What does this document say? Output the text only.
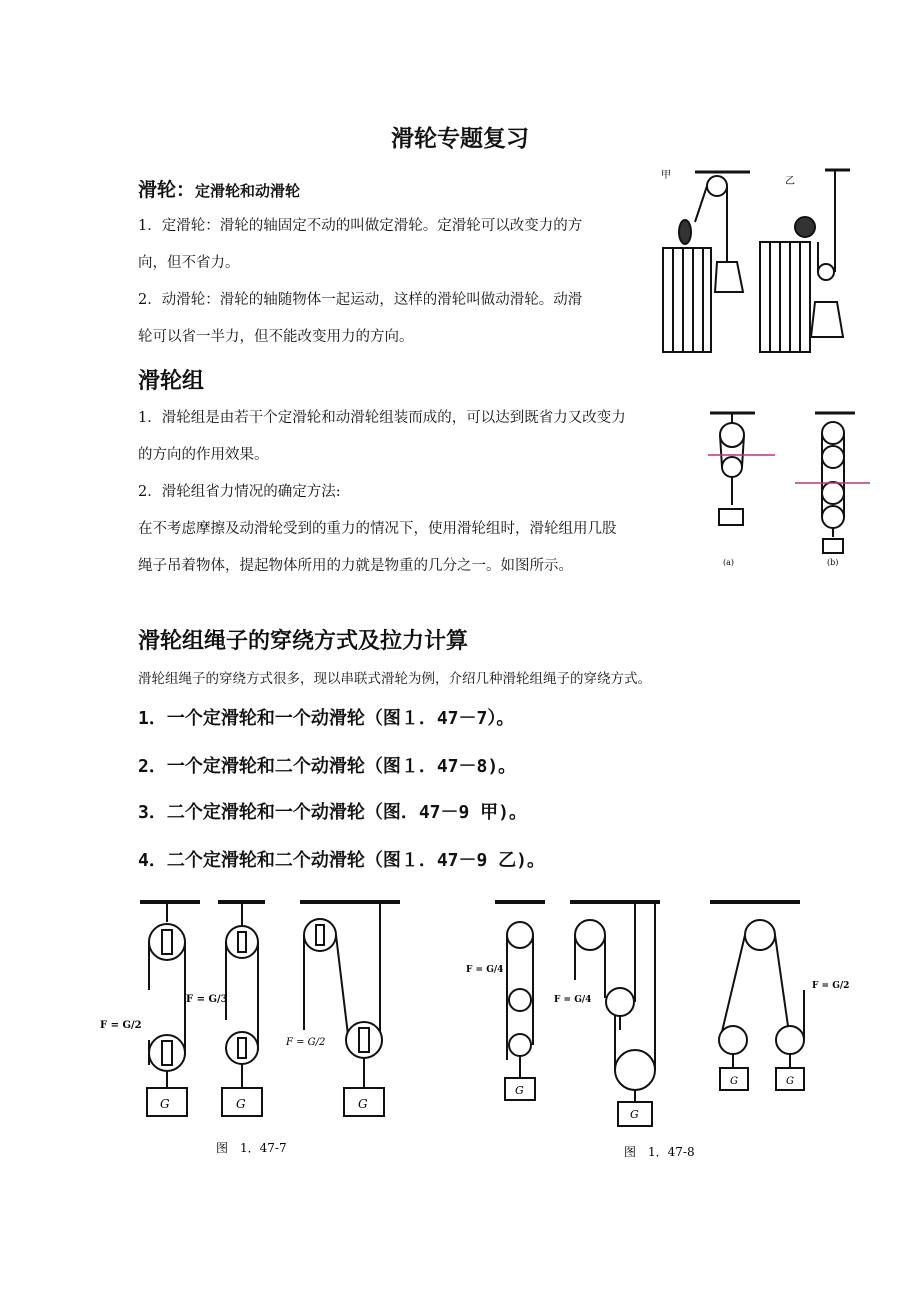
滑轮专题复习
滑轮：定滑轮和动滑轮
1．定滑轮：滑轮的轴固定不动的叫做定滑轮。定滑轮可以改变力的方
向，但不省力。
2．动滑轮：滑轮的轴随物体一起运动，这样的滑轮叫做动滑轮。动滑
轮可以省一半力，但不能改变用力的方向。
甲
乙
滑轮组
1．滑轮组是由若干个定滑轮和动滑轮组装而成的，可以达到既省力又改变力
的方向的作用效果。
2．滑轮组省力情况的确定方法:
在不考虑摩擦及动滑轮受到的重力的情况下，使用滑轮组时，滑轮组用几股
绳子吊着物体，提起物体所用的力就是物重的几分之一。如图所示。	(a)	(b)
滑轮组绳子的穿绕方式及拉力计算
滑轮组绳子的穿绕方式很多，现以串联式滑轮为例，介绍几种滑轮组绳子的穿绕方式。
1．一个定滑轮和一个动滑轮（图１．47－7）。
2．一个定滑轮和二个动滑轮（图１．47－8)。
3．二个定滑轮和一个动滑轮（图．47－9 甲)。
4．二个定滑轮和二个动滑轮（图１．47－9 乙)。
G	G	G
G
G
G	G
F = G/2
F = G/3
F = G/2
F = G/4
F = G/4
F = G/2
图　1．47-7	图　1．47-8
